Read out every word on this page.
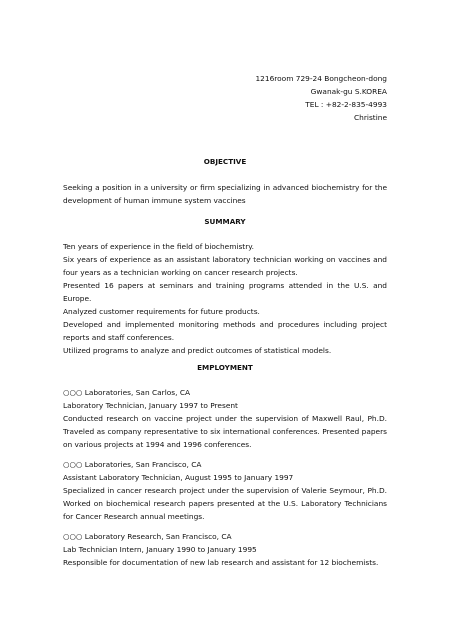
1216room 729-24 Bongcheon-dong
Gwanak-gu S.KOREA
TEL : +82-2-835-4993
Christine
OBJECTIVE

Seeking a position in a university or firm specializing in advanced biochemistry for the development of human immune system vaccines

SUMMARY

Ten years of experience in the field of biochemistry.

Six years of experience as an assistant laboratory technician working on vaccines and four years as a technician working on cancer research projects.

Presented 16 papers at seminars and training programs attended in the U.S. and Europe.

Analyzed customer requirements for future products.

Developed and implemented monitoring methods and procedures including project reports and staff conferences.

Utilized programs to analyze and predict outcomes of statistical models.

EMPLOYMENT

○○○ Laboratories, San Carlos, CA

Laboratory Technician, January 1997 to Present

Conducted research on vaccine project under the supervision of Maxwell Raul, Ph.D. Traveled as company representative to six international conferences. Presented papers on various projects at 1994 and 1996 conferences.

○○○ Laboratories, San Francisco, CA

Assistant Laboratory Technician, August 1995 to January 1997

Specialized in cancer research project under the supervision of Valerie Seymour, Ph.D. Worked on biochemical research papers presented at the U.S. Laboratory Technicians for Cancer Research annual meetings.

○○○ Laboratory Research, San Francisco, CA

Lab Technician Intern, January 1990 to January 1995

Responsible for documentation of new lab research and assistant for 12 biochemists.
